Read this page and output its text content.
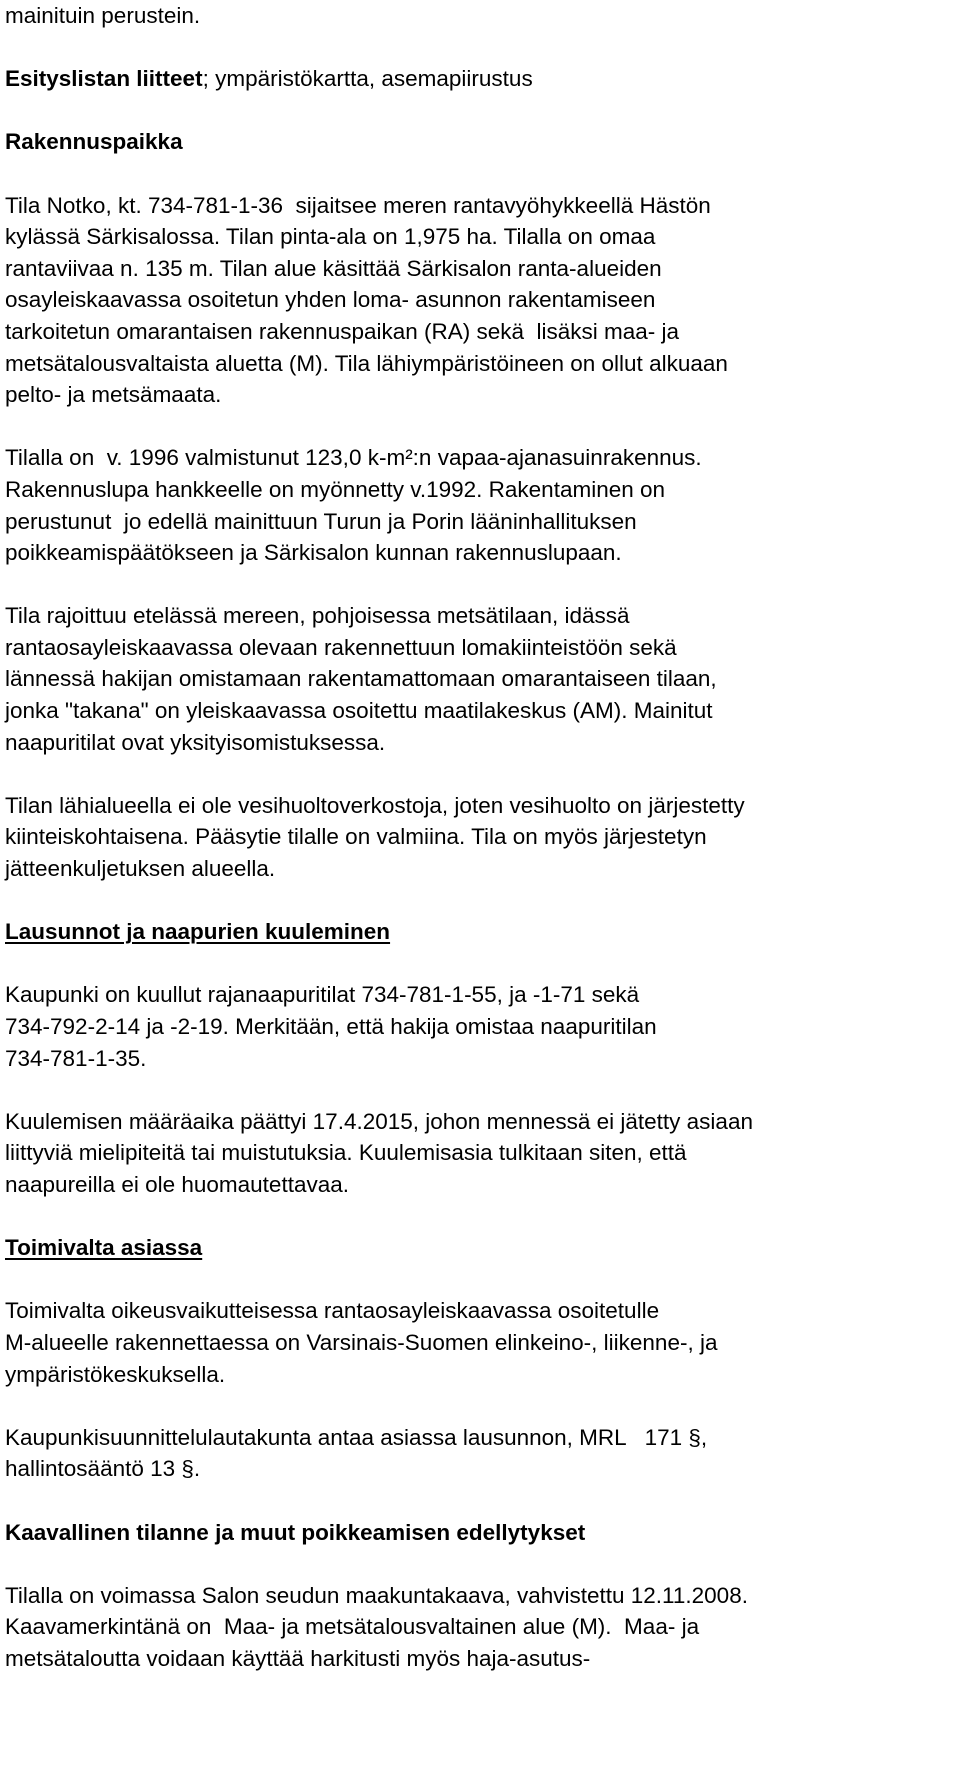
mainituin perustein.
Esityslistan liitteet; ympäristökartta, asemapiirustus
Rakennuspaikka
Tila Notko, kt. 734-781-1-36  sijaitsee meren rantavyöhykkeellä Hästön
kylässä Särkisalossa. Tilan pinta-ala on 1,975 ha. Tilalla on omaa
rantaviivaa n. 135 m. Tilan alue käsittää Särkisalon ranta-alueiden
osayleiskaavassa osoitetun yhden loma- asunnon rakentamiseen
tarkoitetun omarantaisen rakennuspaikan (RA) sekä  lisäksi maa- ja
metsätalousvaltaista aluetta (M). Tila lähiympäristöineen on ollut alkuaan
pelto- ja metsämaata.
Tilalla on  v. 1996 valmistunut 123,0 k-m²:n vapaa-ajanasuinrakennus.
Rakennuslupa hankkeelle on myönnetty v.1992. Rakentaminen on
perustunut  jo edellä mainittuun Turun ja Porin lääninhallituksen
poikkeamispäätökseen ja Särkisalon kunnan rakennuslupaan.
Tila rajoittuu etelässä mereen, pohjoisessa metsätilaan, idässä
rantaosayleiskaavassa olevaan rakennettuun lomakiinteistöön sekä
lännessä hakijan omistamaan rakentamattomaan omarantaiseen tilaan,
jonka "takana" on yleiskaavassa osoitettu maatilakeskus (AM). Mainitut
naapuritilat ovat yksityisomistuksessa.
Tilan lähialueella ei ole vesihuoltoverkostoja, joten vesihuolto on järjestetty
kiinteiskohtaisena. Pääsytie tilalle on valmiina. Tila on myös järjestetyn
jätteenkuljetuksen alueella.
Lausunnot ja naapurien kuuleminen
Kaupunki on kuullut rajanaapuritilat 734-781-1-55, ja -1-71 sekä
734-792-2-14 ja -2-19. Merkitään, että hakija omistaa naapuritilan
734-781-1-35.
Kuulemisen määräaika päättyi 17.4.2015, johon mennessä ei jätetty asiaan
liittyviä mielipiteitä tai muistutuksia. Kuulemisasia tulkitaan siten, että
naapureilla ei ole huomautettavaa.
Toimivalta asiassa
Toimivalta oikeusvaikutteisessa rantaosayleiskaavassa osoitetulle
M-alueelle rakennettaessa on Varsinais-Suomen elinkeino-, liikenne-, ja
ympäristökeskuksella.
Kaupunkisuunnittelulautakunta antaa asiassa lausunnon, MRL   171 §,
hallintosääntö 13 §.
Kaavallinen tilanne ja muut poikkeamisen edellytykset
Tilalla on voimassa Salon seudun maakuntakaava, vahvistettu 12.11.2008.
Kaavamerkintänä on  Maa- ja metsätalousvaltainen alue (M).  Maa- ja
metsätaloutta voidaan käyttää harkitusti myös haja-asutus-
